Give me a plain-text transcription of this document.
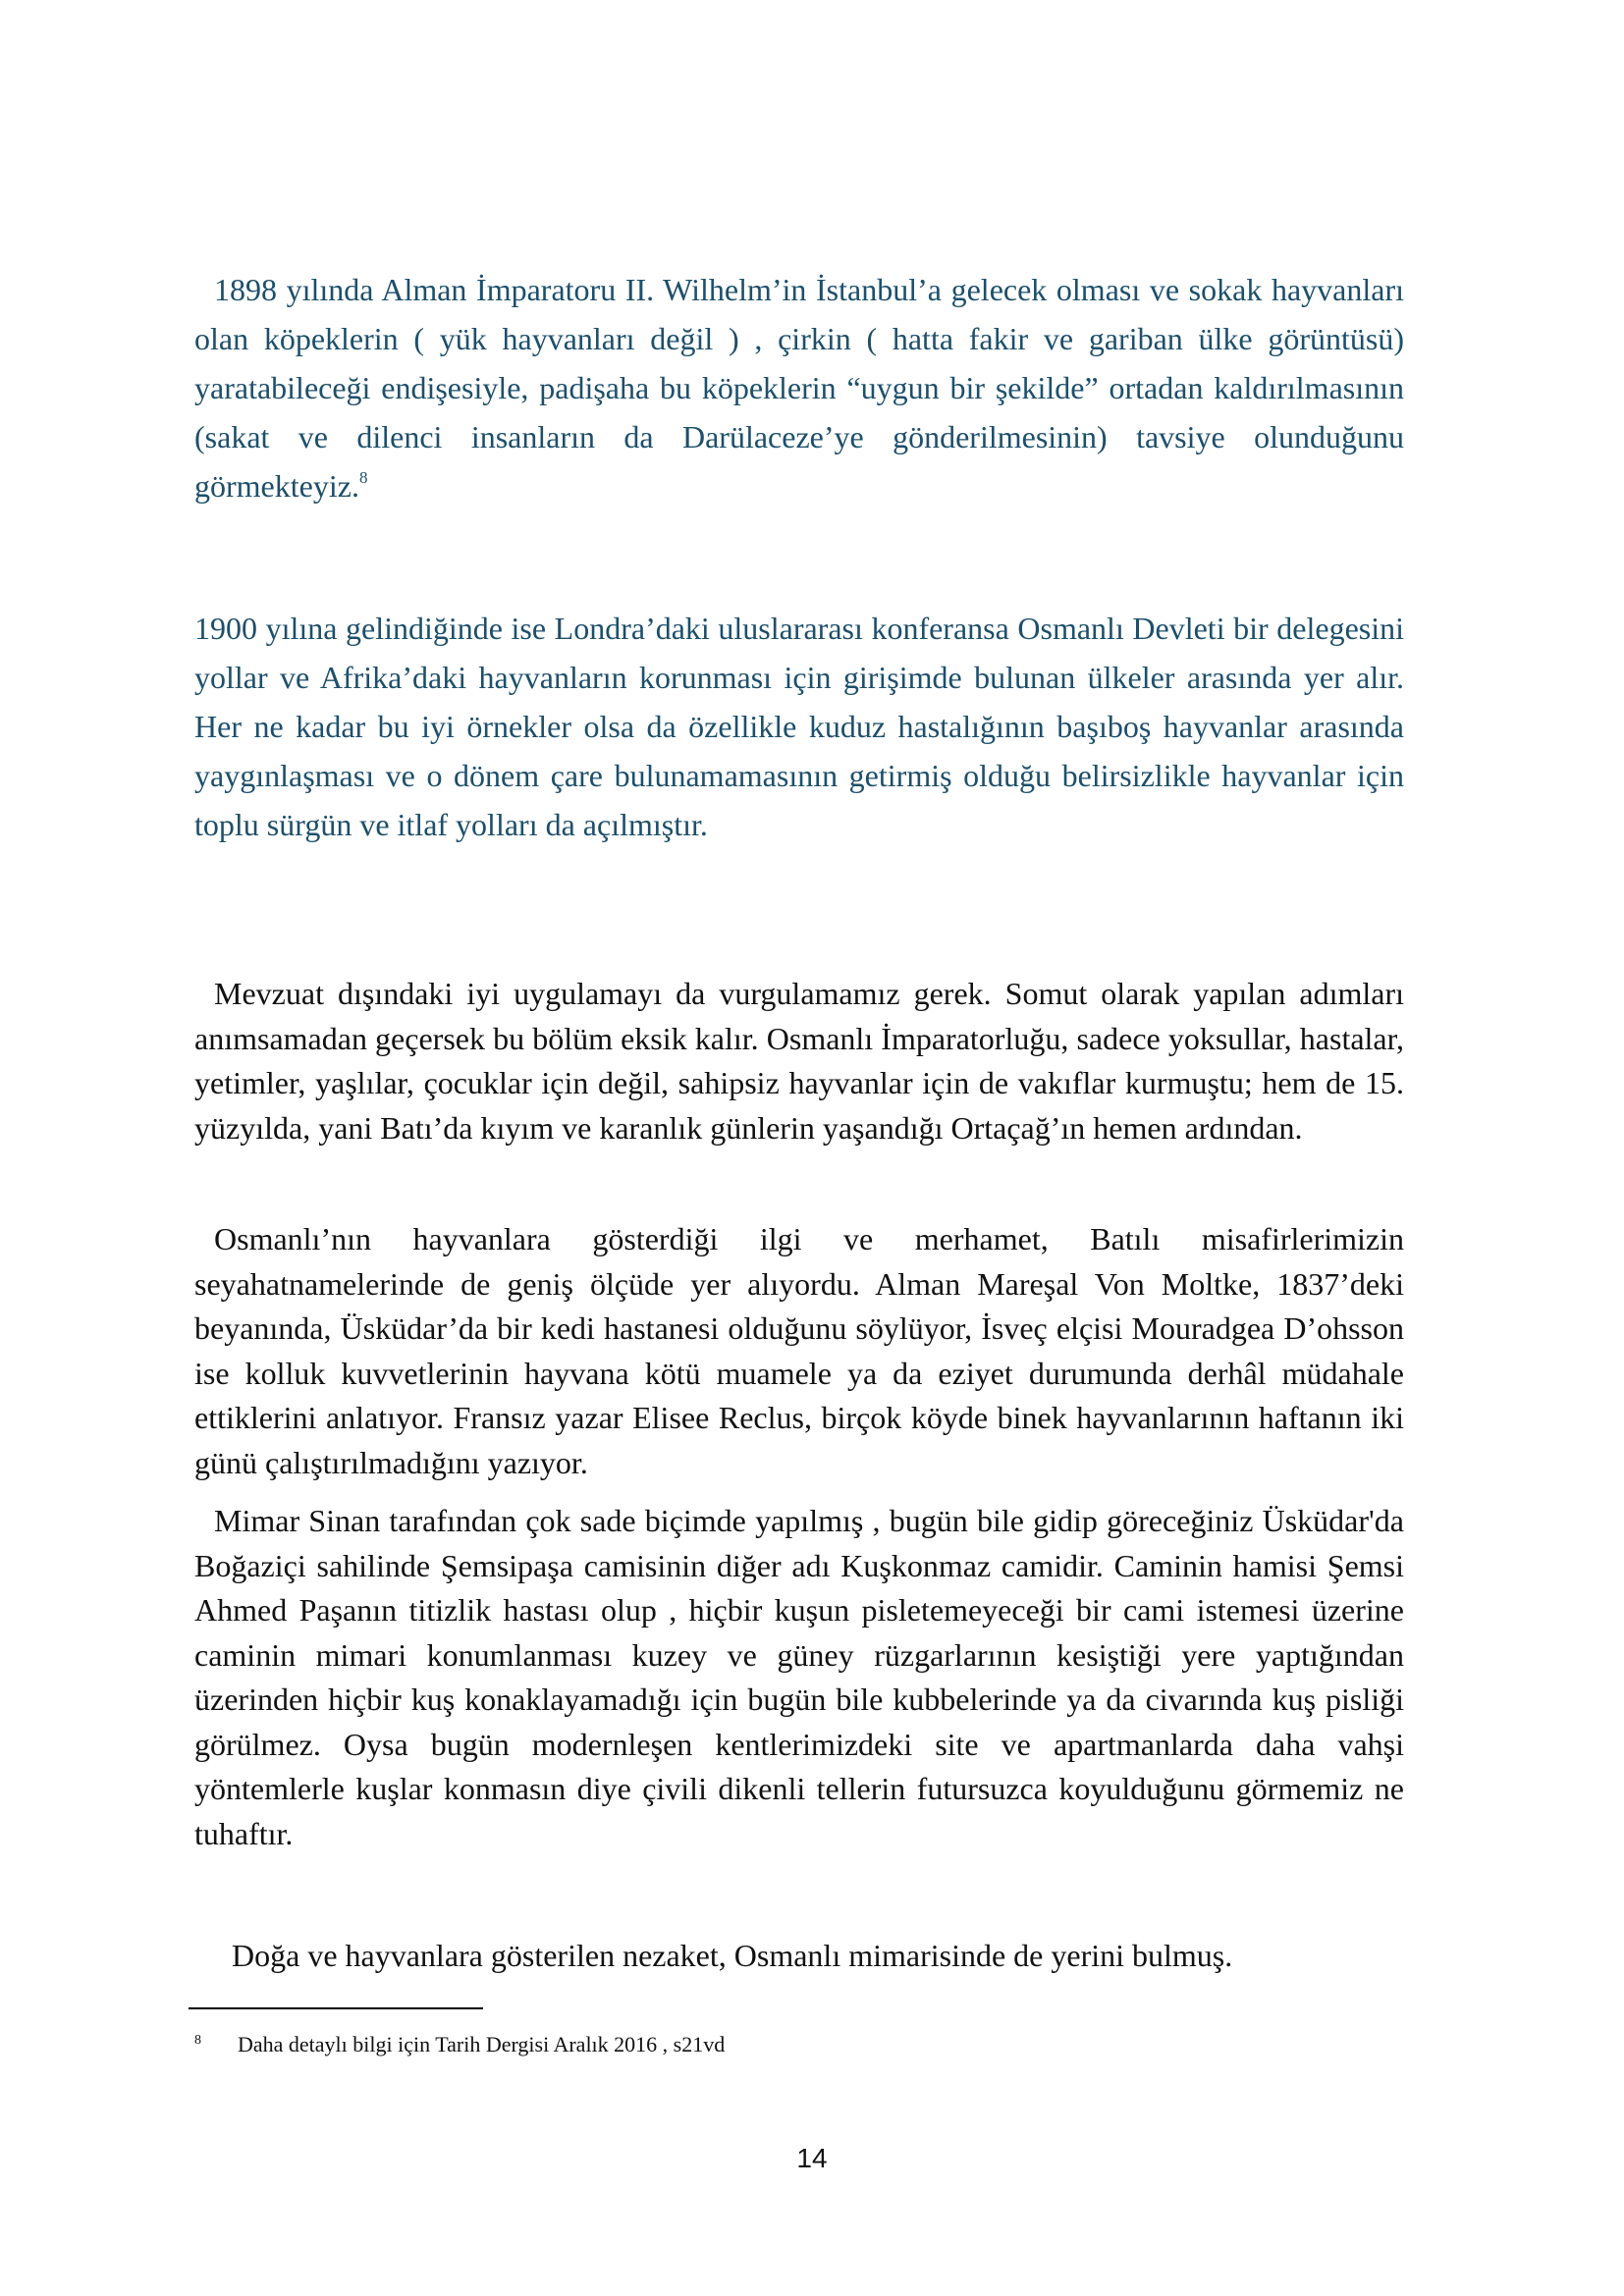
1898 yılında Alman İmparatoru II. Wilhelm’in İstanbul’a gelecek olması ve sokak hayvanları olan köpeklerin ( yük hayvanları değil ) , çirkin ( hatta fakir ve gariban ülke görüntüsü) yaratabileceği endişesiyle, padişaha bu köpeklerin “uygun bir şekilde” ortadan kaldırılmasının (sakat ve dilenci insanların da Darülaceze’ye gönderilmesinin) tavsiye olunduğunu görmekteyiz.$^8$

1900 yılına gelindiğinde ise Londra’daki uluslararası konferansa Osmanlı Devleti bir delegesini yollar ve Afrika’daki hayvanların korunması için girişimde bulunan ülkeler arasında yer alır. Her ne kadar bu iyi örnekler olsa da özellikle kuduz hastalığının başıboş hayvanlar arasında yaygınlaşması ve o dönem çare bulunamamasının getirmiş olduğu belirsizlikle hayvanlar için toplu sürgün ve itlaf yolları da açılmıştır.

Mevzuat dışındaki iyi uygulamayı da vurgulamamız gerek. Somut olarak yapılan adımları anımsamadan geçersek bu bölüm eksik kalır. Osmanlı İmparatorluğu, sadece yoksullar, hastalar, yetimler, yaşlılar, çocuklar için değil, sahipsiz hayvanlar için de vakıflar kurmuştu; hem de 15. yüzyılda, yani Batı’da kıyım ve karanlık günlerin yaşandığı Ortaçağ’ın hemen ardından.

Osmanlı’nın hayvanlara gösterdiği ilgi ve merhamet, Batılı misafirlerimizin seyahatnamelerinde de geniş ölçüde yer alıyordu. Alman Mareşal Von Moltke, 1837’deki beyanında, Üsküdar’da bir kedi hastanesi olduğunu söylüyor, İsveç elçisi Mouradgea D’ohsson ise kolluk kuvvetlerinin hayvana kötü muamele ya da eziyet durumunda derhâl müdahale ettiklerini anlatıyor. Fransız yazar Elisee Reclus, birçok köyde binek hayvanlarının haftanın iki günü çalıştırılmadığını yazıyor.

Mimar Sinan tarafından çok sade biçimde yapılmış , bugün bile gidip göreceğiniz Üsküdar'da Boğaziçi sahilinde Şemsipaşa camisinin diğer adı Kuşkonmaz camidir. Caminin hamisi Şemsi Ahmed Paşanın titizlik hastası olup , hiçbir kuşun pisletemeyeceği bir cami istemesi üzerine caminin mimari konumlanması kuzey ve güney rüzgarlarının kesiştiği yere yaptığından üzerinden hiçbir kuş konaklayamadığı için bugün bile kubbelerinde ya da civarında kuş pisliği görülmez. Oysa bugün modernleşen kentlerimizdeki site ve apartmanlarda daha vahşi yöntemlerle kuşlar konmasın diye çivili dikenli tellerin futursuzca koyulduğunu görmemiz ne tuhaftır.

Doğa ve hayvanlara gösterilen nezaket, Osmanlı mimarisinde de yerini bulmuş.

8 Daha detaylı bilgi için Tarih Dergisi Aralık 2016 , s21vd
14
